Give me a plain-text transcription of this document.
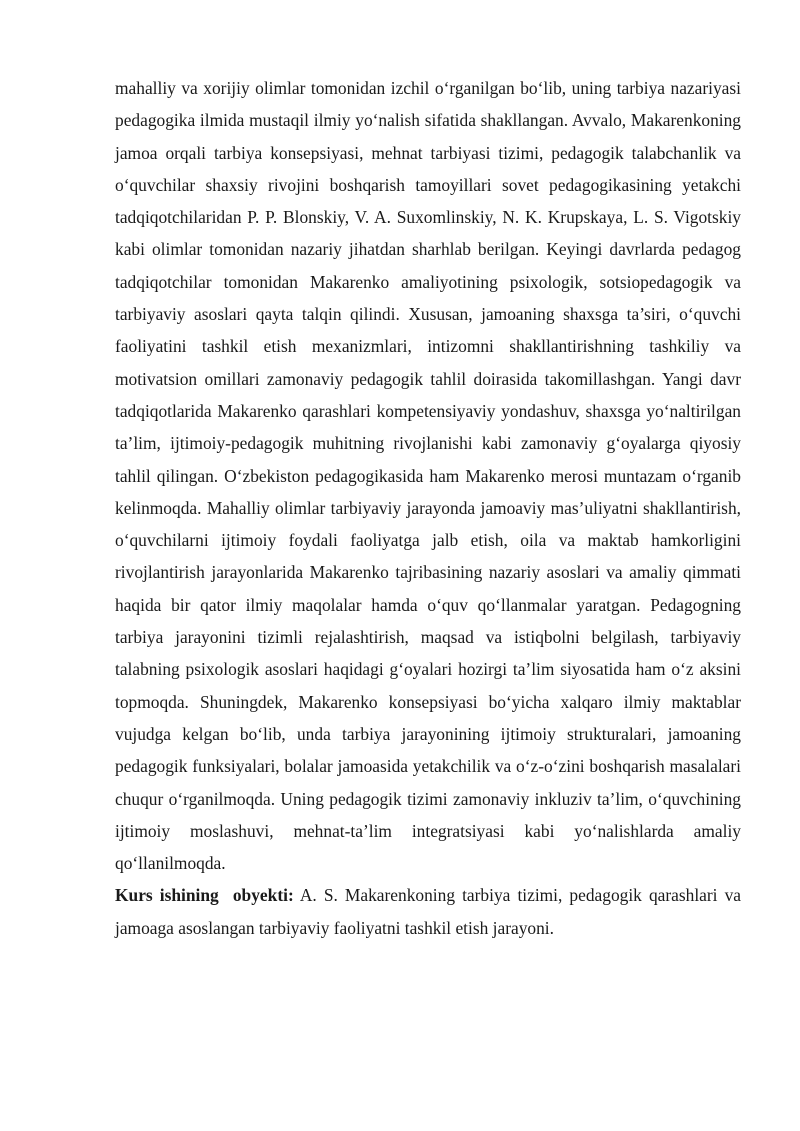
mahalliy va xorijiy olimlar tomonidan izchil o‘rganilgan bo‘lib, uning tarbiya nazariyasi pedagogika ilmida mustaqil ilmiy yo‘nalish sifatida shakllangan. Avvalo, Makarenkoning jamoa orqali tarbiya konsepsiyasi, mehnat tarbiyasi tizimi, pedagogik talabchanlik va o‘quvchilar shaxsiy rivojini boshqarish tamoyillari sovet pedagogikasining yetakchi tadqiqotchilaridan P. P. Blonskiy, V. A. Suxomlinskiy, N. K. Krupskaya, L. S. Vigotskiy kabi olimlar tomonidan nazariy jihatdan sharhlab berilgan. Keyingi davrlarda pedagog tadqiqotchilar tomonidan Makarenko amaliyotining psixologik, sotsiopedagogik va tarbiyaviy asoslari qayta talqin qilindi. Xususan, jamoaning shaxsga ta’siri, o‘quvchi faoliyatini tashkil etish mexanizmlari, intizomni shakllantirishning tashkiliy va motivatsion omillari zamonaviy pedagogik tahlil doirasida takomillashgan. Yangi davr tadqiqotlarida Makarenko qarashlari kompetensiyaviy yondashuv, shaxsga yo‘naltirilgan ta’lim, ijtimoiy-pedagogik muhitning rivojlanishi kabi zamonaviy g‘oyalarga qiyosiy tahlil qilingan. O‘zbekiston pedagogikasida ham Makarenko merosi muntazam o‘rganib kelinmoqda. Mahalliy olimlar tarbiyaviy jarayonda jamoaviy mas’uliyatni shakllantirish, o‘quvchilarni ijtimoiy foydali faoliyatga jalb etish, oila va maktab hamkorligini rivojlantirish jarayonlarida Makarenko tajribasining nazariy asoslari va amaliy qimmati haqida bir qator ilmiy maqolalar hamda o‘quv qo‘llanmalar yaratgan. Pedagogning tarbiya jarayonini tizimli rejalashtirish, maqsad va istiqbolni belgilash, tarbiyaviy talabning psixologik asoslari haqidagi g‘oyalari hozirgi ta’lim siyosatida ham o‘z aksini topmoqda. Shuningdek, Makarenko konsepsiyasi bo‘yicha xalqaro ilmiy maktablar vujudga kelgan bo‘lib, unda tarbiya jarayonining ijtimoiy strukturalari, jamoaning pedagogik funksiyalari, bolalar jamoasida yetakchilik va o‘z-o‘zini boshqarish masalalari chuqur o‘rganilmoqda. Uning pedagogik tizimi zamonaviy inkluziv ta’lim, o‘quvchining ijtimoiy moslashuvi, mehnat-ta’lim integratsiyasi kabi yo‘nalishlarda amaliy qo‘llanilmoqda.

Kurs ishining  obyekti: A. S. Makarenkoning tarbiya tizimi, pedagogik qarashlari va jamoaga asoslangan tarbiyaviy faoliyatni tashkil etish jarayoni.
